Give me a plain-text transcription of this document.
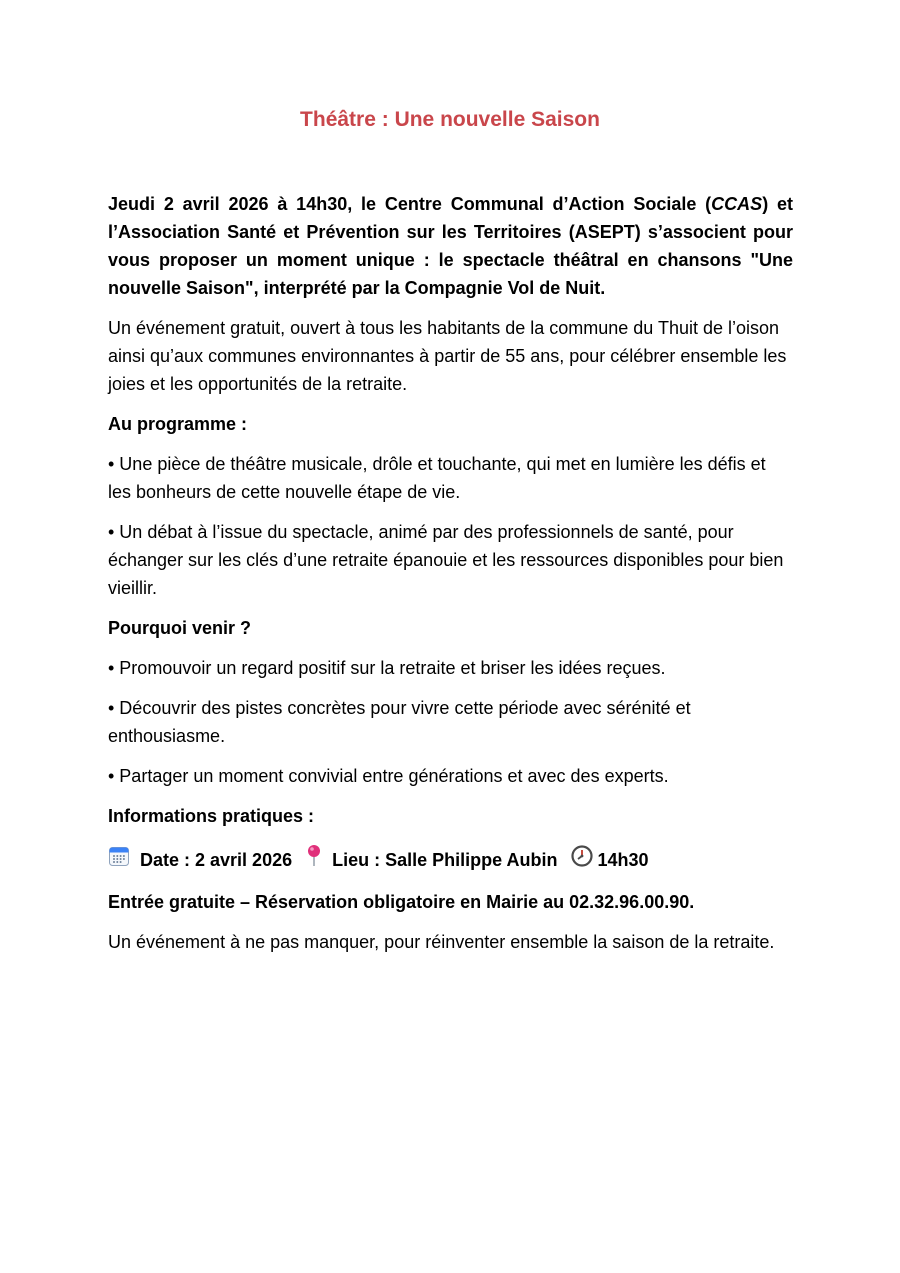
Théâtre : Une nouvelle Saison

Jeudi 2 avril 2026 à 14h30, le Centre Communal d’Action Sociale (CCAS) et l’Association Santé et Prévention sur les Territoires (ASEPT) s’associent pour vous proposer un moment unique : le spectacle théâtral en chansons "Une nouvelle Saison", interprété par la Compagnie Vol de Nuit.

Un événement gratuit, ouvert à tous les habitants de la commune du Thuit de l’oison ainsi qu’aux communes environnantes à partir de 55 ans, pour célébrer ensemble les joies et les opportunités de la retraite.

Au programme :

• Une pièce de théâtre musicale, drôle et touchante, qui met en lumière les défis et les bonheurs de cette nouvelle étape de vie.

• Un débat à l’issue du spectacle, animé par des professionnels de santé, pour échanger sur les clés d’une retraite épanouie et les ressources disponibles pour bien vieillir.

Pourquoi venir ?

• Promouvoir un regard positif sur la retraite et briser les idées reçues.

• Découvrir des pistes concrètes pour vivre cette période avec sérénité et enthousiasme.

• Partager un moment convivial entre générations et avec des experts.

Informations pratiques :

Date : 2 avril 2026 Lieu : Salle Philippe Aubin 14h30

Entrée gratuite – Réservation obligatoire en Mairie au 02.32.96.00.90.

Un événement à ne pas manquer, pour réinventer ensemble la saison de la retraite.
